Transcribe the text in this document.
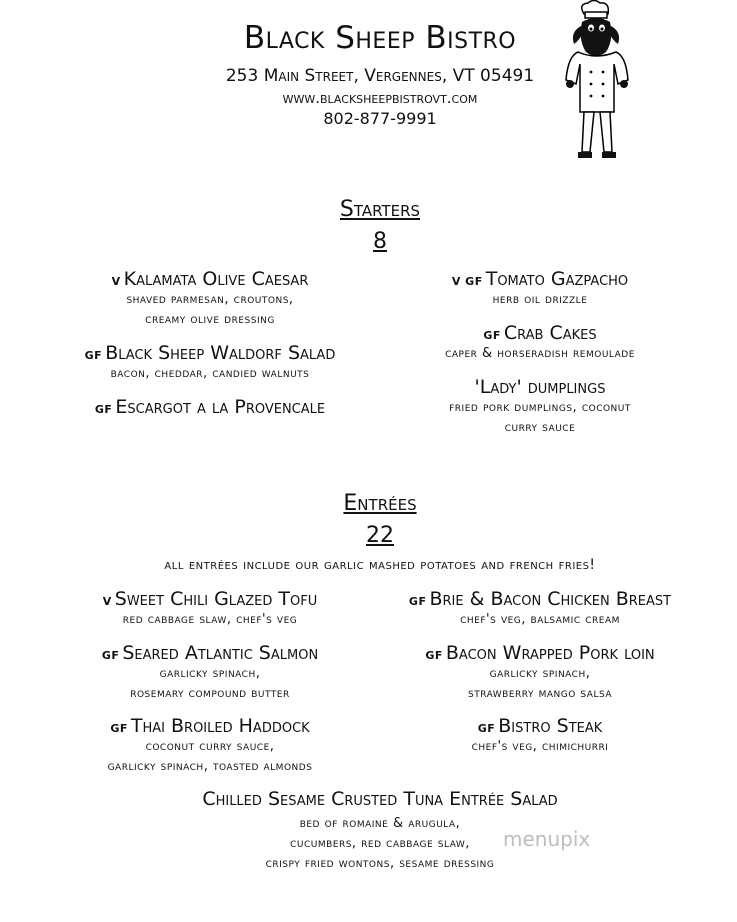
Black Sheep Bistro
253 Main Street, Vergennes, VT 05491
www.blacksheepbistrovt.com
802-877-9991
Starters
8
V Kalamata Olive Caesar
shaved parmesan, croutons,
creamy olive dressing
GF Black Sheep Waldorf Salad
bacon, cheddar, candied walnuts
GF Escargot a la Provencale
V GF Tomato Gazpacho
herb oil drizzle
GF Crab Cakes
caper & horseradish remoulade
'Lady' dumplings
fried pork dumplings, coconut
curry sauce
Entrées
22
all entrées include our garlic mashed potatoes and french fries!
V Sweet Chili Glazed Tofu
red cabbage slaw, chef's veg
GF Seared Atlantic Salmon
garlicky spinach,
rosemary compound butter
GF Thai Broiled Haddock
coconut curry sauce,
garlicky spinach, toasted almonds
GF Brie & Bacon Chicken Breast
chef's veg, balsamic cream
GF Bacon Wrapped Pork loin
garlicky spinach,
strawberry mango salsa
GF Bistro Steak
chef's veg, chimichurri
Chilled Sesame Crusted Tuna Entrée Salad
bed of romaine & arugula,
cucumbers, red cabbage slaw,
crispy fried wontons, sesame dressing
menupix
